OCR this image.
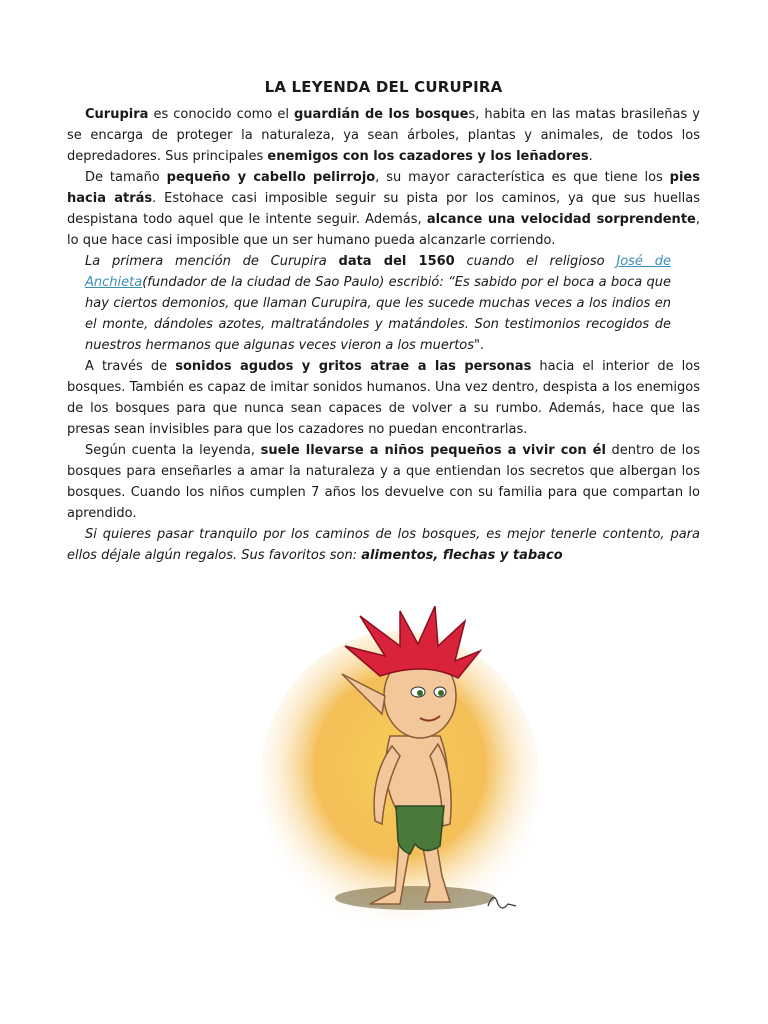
LA LEYENDA DEL CURUPIRA

Curupira es conocido como el guardián de los bosques, habita en las matas brasileñas y se encarga de proteger la naturaleza, ya sean árboles, plantas y animales, de todos los depredadores. Sus principales enemigos con los cazadores y los leñadores.

De tamaño pequeño y cabello pelirrojo, su mayor característica es que tiene los pies hacia atrás. Estohace casi imposible seguir su pista por los caminos, ya que sus huellas despistana todo aquel que le intente seguir. Además, alcance una velocidad sorprendente, lo que hace casi imposible que un ser humano pueda alcanzarle corriendo.

La primera mención de Curupira data del 1560 cuando el religioso José de Anchieta(fundador de la ciudad de Sao Paulo) escribió: “Es sabido por el boca a boca que hay ciertos demonios, que llaman Curupira, que les sucede muchas veces a los indios en el monte, dándoles azotes, maltratándoles y matándoles. Son testimonios recogidos de nuestros hermanos que algunas veces vieron a los muertos".

A través de sonidos agudos y gritos atrae a las personas hacia el interior de los bosques. También es capaz de imitar sonidos humanos. Una vez dentro, despista a los enemigos de los bosques para que nunca sean capaces de volver a su rumbo. Además, hace que las presas sean invisibles para que los cazadores no puedan encontrarlas.

Según cuenta la leyenda, suele llevarse a niños pequeños a vivir con él dentro de los bosques para enseñarles a amar la naturaleza y a que entiendan los secretos que albergan los bosques. Cuando los niños cumplen 7 años los devuelve con su familia para que compartan lo aprendido.

Si quieres pasar tranquilo por los caminos de los bosques, es mejor tenerle contento, para ellos déjale algún regalos. Sus favoritos son: alimentos, flechas y tabaco
